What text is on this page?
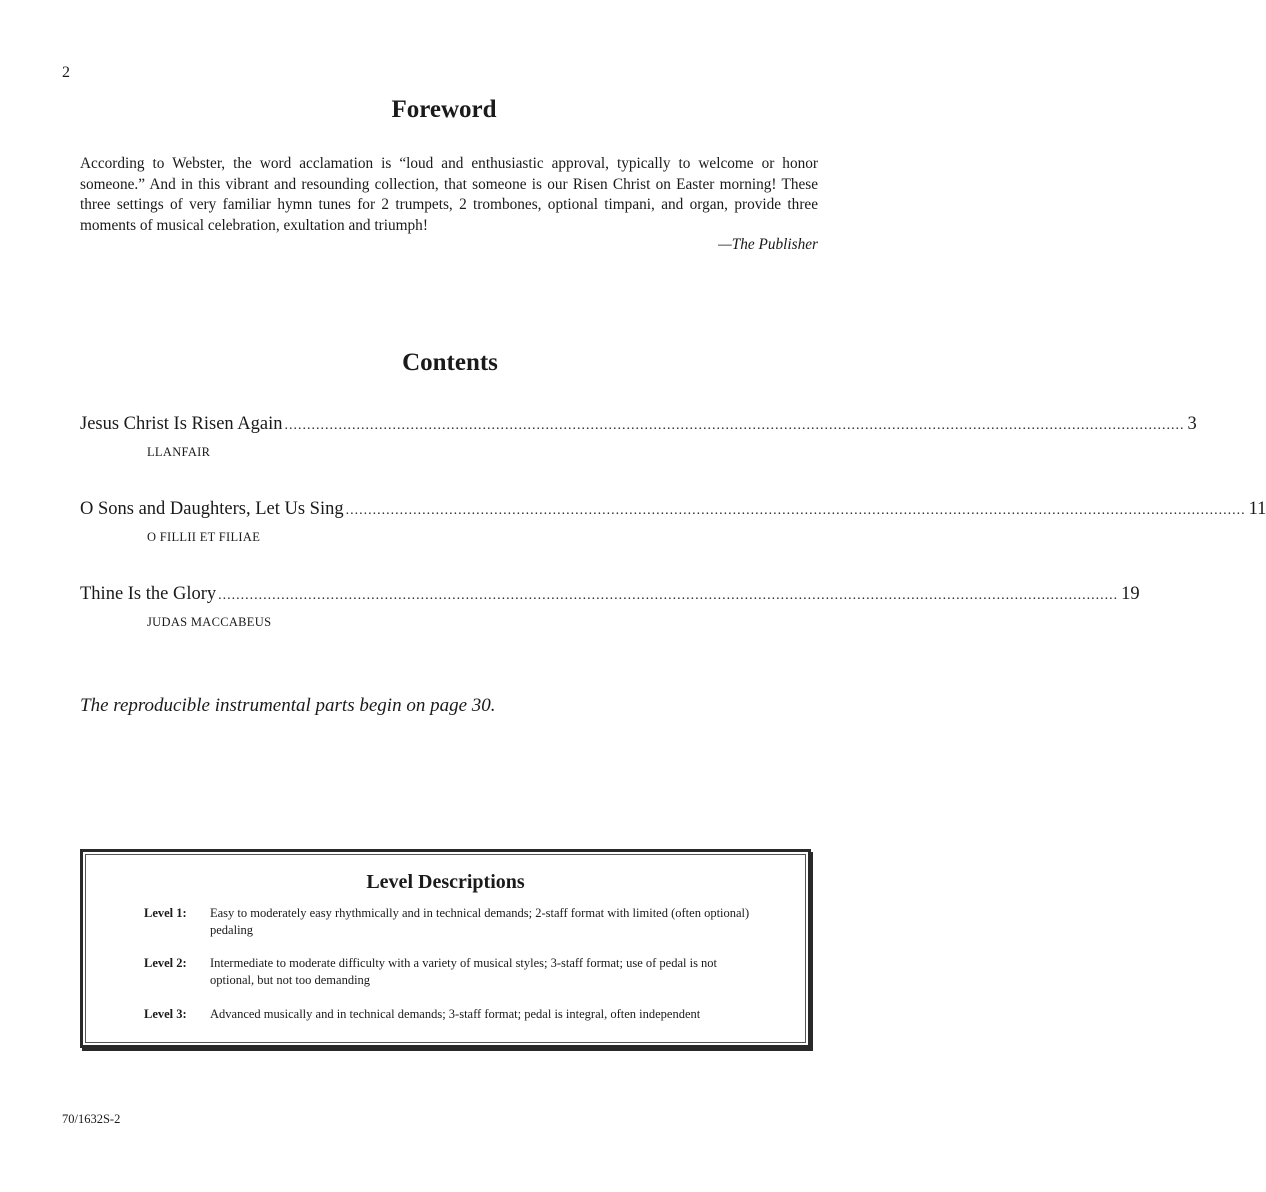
2
Foreword

According to Webster, the word acclamation is “loud and enthusiastic approval, typically to welcome or honor someone.” And in this vibrant and resounding collection, that someone is our Risen Christ on Easter morning! These three settings of very familiar hymn tunes for 2 trumpets, 2 trombones, optional timpani, and organ, provide three moments of musical celebration, exultation and triumph!

—The Publisher
Contents
Jesus Christ Is Risen Again ........................................................................................................................................................................................................ 3
LLANFAIR
O Sons and Daughters, Let Us Sing ........................................................................................................................................................................................................ 11
O FILLII ET FILIAE
Thine Is the Glory ........................................................................................................................................................................................................ 19
JUDAS MACCABEUS
The reproducible instrumental parts begin on page 30.
Level Descriptions
Level 1:	Easy to moderately easy rhythmically and in technical demands; 2-staff format with limited (often optional) pedaling
Level 2:	Intermediate to moderate difficulty with a variety of musical styles; 3-staff format; use of pedal is not optional, but not too demanding
Level 3:	Advanced musically and in technical demands; 3-staff format; pedal is integral, often independent
70/1632S-2
